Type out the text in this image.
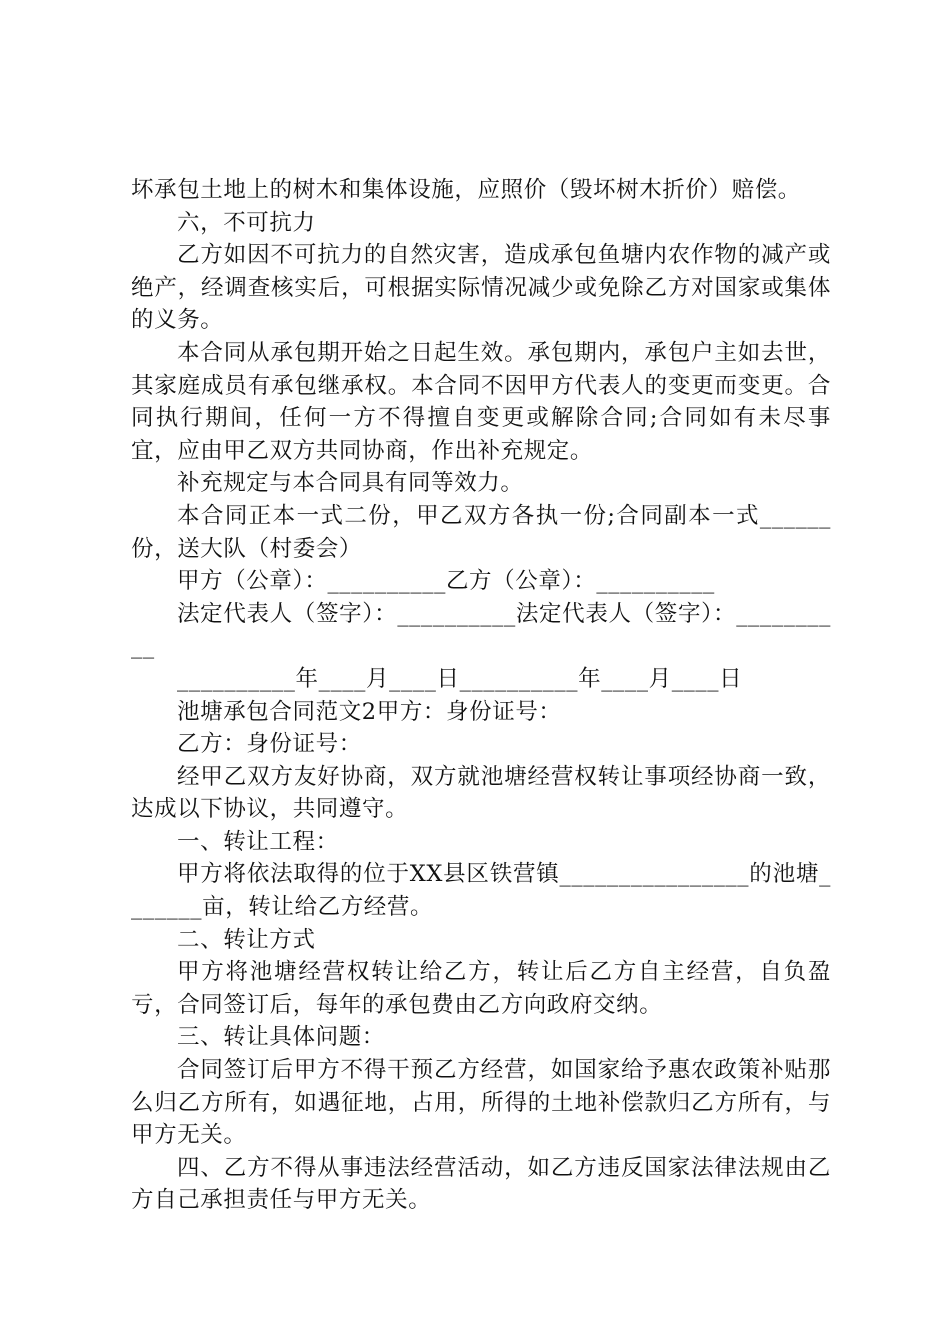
坏承包土地上的树木和集体设施，应照价（毁坏树木折价）赔偿。

六，不可抗力

乙方如因不可抗力的自然灾害，造成承包鱼塘内农作物的减产或绝产，经调查核实后，可根据实际情况减少或免除乙方对国家或集体的义务。

本合同从承包期开始之日起生效。承包期内，承包户主如去世，其家庭成员有承包继承权。本合同不因甲方代表人的变更而变更。合同执行期间，任何一方不得擅自变更或解除合同;合同如有未尽事宜，应由甲乙双方共同协商，作出补充规定。

补充规定与本合同具有同等效力。

本合同正本一式二份，甲乙双方各执一份;合同副本一式______份，送大队（村委会）

甲方（公章）：__________乙方（公章）：__________

法定代表人（签字）：__________法定代表人（签字）：__________

__________年____月____日__________年____月____日

池塘承包合同范文2甲方：身份证号：

乙方：身份证号：

经甲乙双方友好协商，双方就池塘经营权转让事项经协商一致，达成以下协议，共同遵守。

一、转让工程：

甲方将依法取得的位于XX县区铁营镇________________的池塘_______亩，转让给乙方经营。

二、转让方式

甲方将池塘经营权转让给乙方，转让后乙方自主经营，自负盈亏，合同签订后，每年的承包费由乙方向政府交纳。

三、转让具体问题：

合同签订后甲方不得干预乙方经营，如国家给予惠农政策补贴那么归乙方所有，如遇征地，占用，所得的土地补偿款归乙方所有，与甲方无关。

四、乙方不得从事违法经营活动，如乙方违反国家法律法规由乙方自己承担责任与甲方无关。
